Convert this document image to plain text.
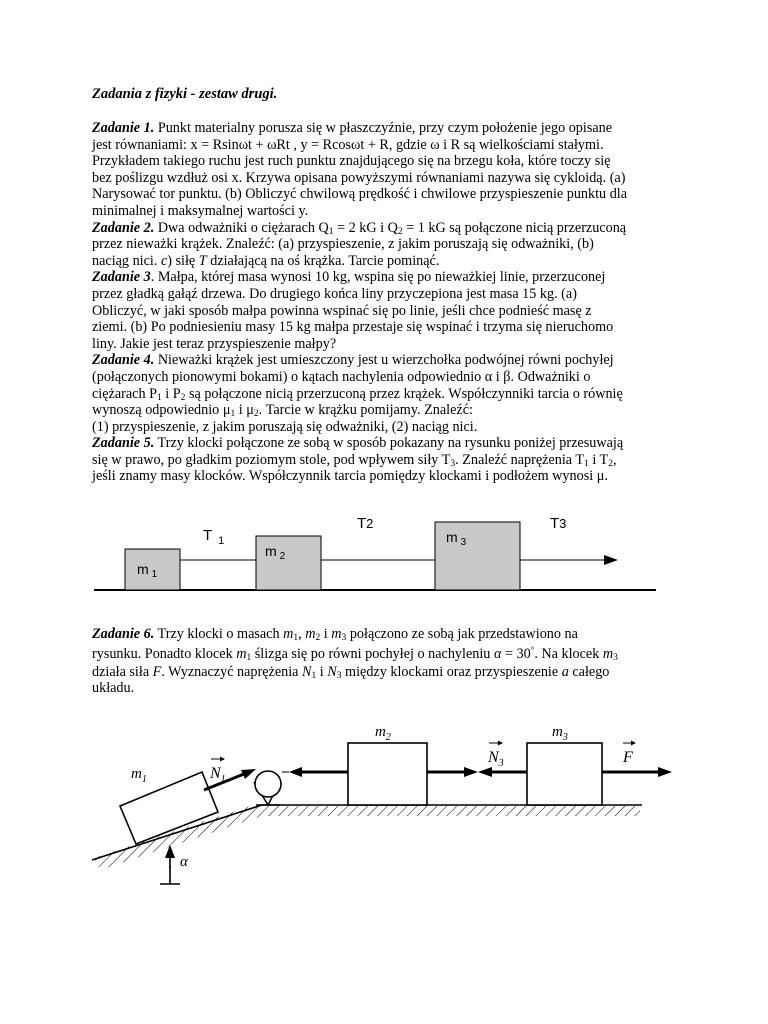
Zadania z fizyki - zestaw drugi.
Zadanie 1. Punkt materialny porusza się w płaszczyźnie, przy czym położenie jego opisane
jest równaniami: x = Rsinωt + ωRt , y = Rcosωt + R, gdzie ω i R są wielkościami stałymi.
Przykładem takiego ruchu jest ruch punktu znajdującego się na brzegu koła, które toczy się
bez poślizgu wzdłuż osi x. Krzywa opisana powyższymi równaniami nazywa się cykloidą. (a)
Narysować tor punktu. (b) Obliczyć chwilową prędkość i chwilowe przyspieszenie punktu dla
minimalnej i maksymalnej wartości y.
Zadanie 2. Dwa odważniki o ciężarach $Q_1 = 2$ kG i $Q_2 = 1$ kG są połączone nicią przerzuconą
przez nieważki krążek. Znaleźć: (a) przyspieszenie, z jakim poruszają się odważniki, (b)
naciąg nici. c) siłę T działającą na oś krążka. Tarcie pominąć.
Zadanie 3. Małpa, której masa wynosi 10 kg, wspina się po nieważkiej linie, przerzuconej
przez gładką gałąź drzewa. Do drugiego końca liny przyczepiona jest masa 15 kg. (a)
Obliczyć, w jaki sposób małpa powinna wspinać się po linie, jeśli chce podnieść masę z
ziemi. (b) Po podniesieniu masy 15 kg małpa przestaje się wspinać i trzyma się nieruchomo
liny. Jakie jest teraz przyspieszenie małpy?
Zadanie 4. Nieważki krążek jest umieszczony jest u wierzchołka podwójnej równi pochyłej
(połączonych pionowymi bokami) o kątach nachylenia odpowiednio α i β. Odważniki o
ciężarach $P_1$ i $P_2$ są połączone nicią przerzuconą przez krążek. Współczynniki tarcia o równię
wynoszą odpowiednio $\mu_1$ i $\mu_2$. Tarcie w krążku pomijamy. Znaleźć:
(1) przyspieszenie, z jakim poruszają się odważniki, (2) naciąg nici.
Zadanie 5. Trzy klocki połączone ze sobą w sposób pokazany na rysunku poniżej przesuwają
się w prawo, po gładkim poziomym stole, pod wpływem siły $T_3$. Znaleźć naprężenia $T_1$ i $T_2$,
jeśli znamy masy klocków. Współczynnik tarcia pomiędzy klockami i podłożem wynosi μ.
m $_1$
m $_2$
m $_3$
T $_1$
T2	T3
Zadanie 6. Trzy klocki o masach $m_1$, $m_2$ i $m_3$ połączono ze sobą jak przedstawiono na
rysunku. Ponadto klocek $m_1$ ślizga się po równi pochyłej o nachyleniu α = 30°. Na klocek $m_3$
działa siła F. Wyznaczyć naprężenia $N_1$ i $N_3$ między klockami oraz przyspieszenie a całego
układu.
$m_1$
$m_2$	$m_3$
$N_1$
$N_3$	F
α
